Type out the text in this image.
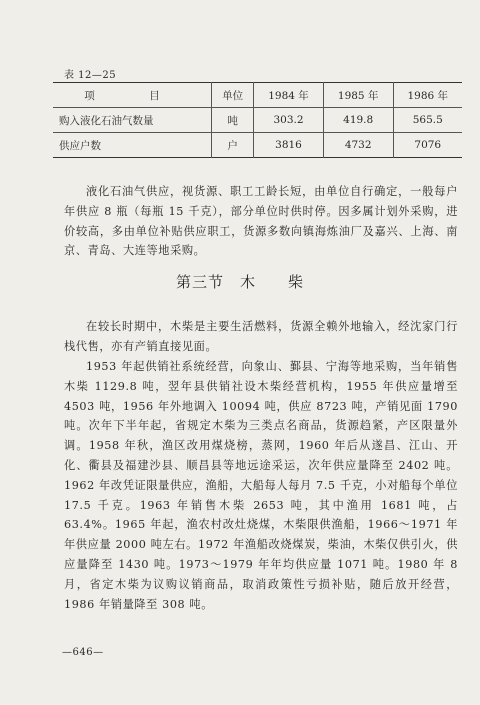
表 12—25
项　目	单位	1984 年	1985 年	1986 年
购入液化石油气数量	吨	303.2	419.8	565.5
供应户数	户	3816	4732	7076

液化石油气供应，视货源、职工工龄长短，由单位自行确定，一般每户年供应 8 瓶（每瓶 15 千克），部分单位时供时停。因多属计划外采购，进价较高，多由单位补贴供应职工，货源多数向镇海炼油厂及嘉兴、上海、南京、青岛、大连等地采购。

第三节　木　　柴

在较长时期中，木柴是主要生活燃料，货源全赖外地输入，经沈家门行栈代售，亦有产销直接见面。

1953 年起供销社系统经营，向象山、鄞县、宁海等地采购，当年销售木柴 1129.8 吨，翌年县供销社设木柴经营机构，1955 年供应量增至 4503 吨，1956 年外地调入 10094 吨，供应 8723 吨，产销见面 1790 吨。次年下半年起，省规定木柴为三类点名商品，货源趋紧，产区限量外调。1958 年秋，渔区改用煤烧榜，蒸网，1960 年后从遂昌、江山、开化、衢县及福建沙县、顺昌县等地远途采运，次年供应量降至 2402 吨。1962 年改凭证限量供应，渔船，大船每人每月 7.5 千克，小对船每个单位 17.5 千克。1963 年销售木柴 2653 吨，其中渔用 1681 吨，占 63.4%。1965 年起，渔农村改灶烧煤，木柴限供渔船，1966～1971 年年供应量 2000 吨左右。1972 年渔船改烧煤炭，柴油，木柴仅供引火，供应量降至 1430 吨。1973～1979 年年均供应量 1071 吨。1980 年 8 月，省定木柴为议购议销商品，取消政策性亏损补贴，随后放开经营，1986 年销量降至 308 吨。

—646—
